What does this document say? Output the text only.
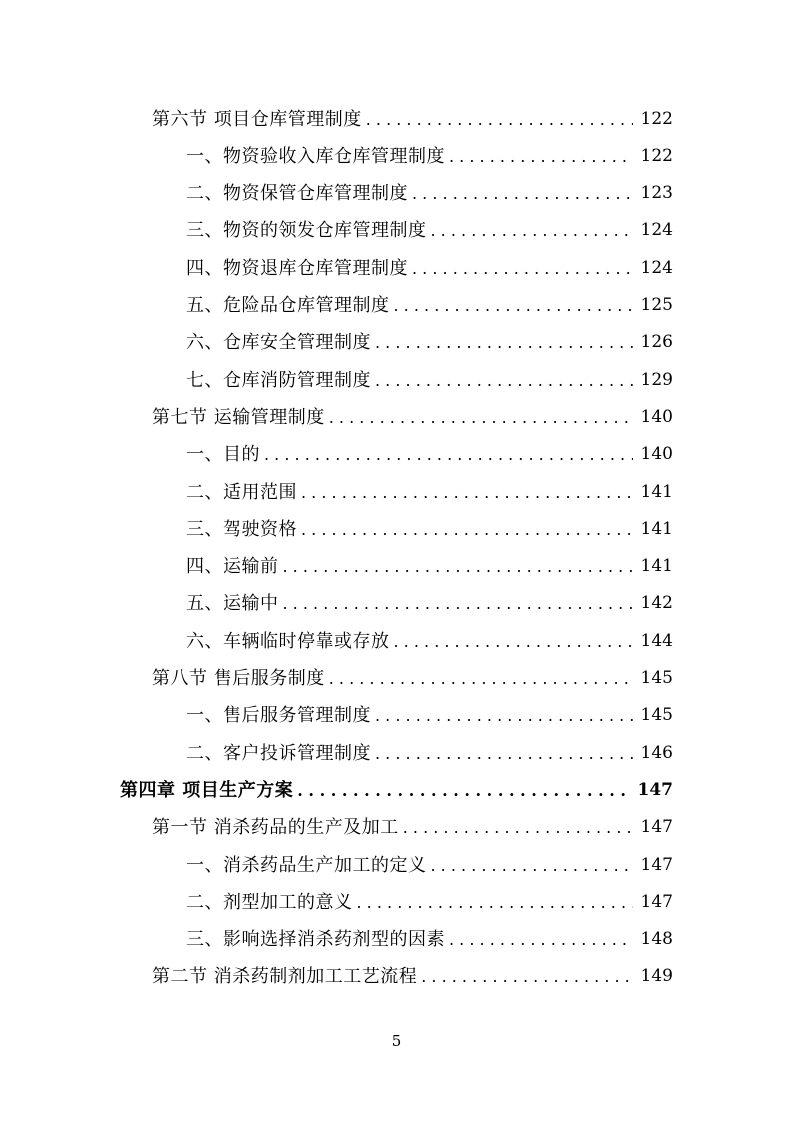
第六节 项目仓库管理制度 . . .	122
一、物资验收入库仓库管理制度 . . .	122
二、物资保管仓库管理制度 . . .	123
三、物资的领发仓库管理制度 . . .	124
四、物资退库仓库管理制度 . . .	124
五、危险品仓库管理制度 . . .	125
六、仓库安全管理制度 . . .	126
七、仓库消防管理制度 . . .	129
第七节 运输管理制度 . . .	140
一、目的 . . .	140
二、适用范围 . . .	141
三、驾驶资格 . . .	141
四、运输前 . . .	141
五、运输中 . . .	142
六、车辆临时停靠或存放 . . .	144
第八节 售后服务制度 . . .	145
一、售后服务管理制度 . . .	145
二、客户投诉管理制度 . . .	146
第四章 项目生产方案 . . .	147
第一节 消杀药品的生产及加工 . . .	147
一、消杀药品生产加工的定义 . . .	147
二、剂型加工的意义 . . .	147
三、影响选择消杀药剂型的因素 . . .	148
第二节 消杀药制剂加工工艺流程 . . .	149
5
